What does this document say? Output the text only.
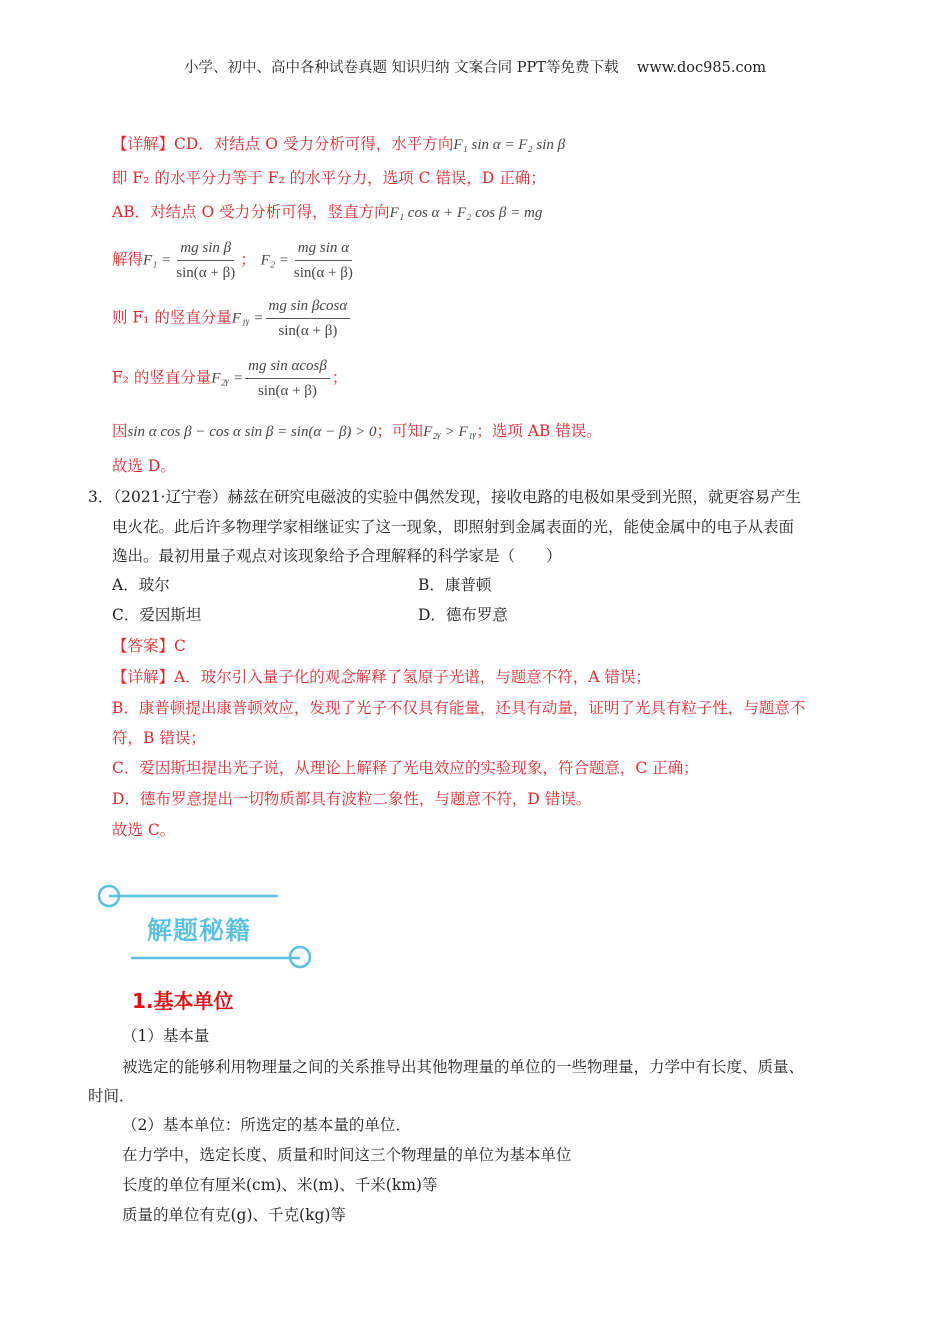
小学、初中、高中各种试卷真题 知识归纳 文案合同 PPT等免费下载 www.doc985.com
【详解】CD．对结点 O 受力分析可得，水平方向F₁ sin α = F₂ sin β
即 F₂ 的水平分力等于 F₂ 的水平分力，选项 C 错误，D 正确；
AB．对结点 O 受力分析可得，竖直方向F₁ cos α + F₂ cos β = mg
解得$F_1 = \frac{\text{mg sin β}}{\sin(\alpha + \beta)}$ ； $F_2 = \frac{\text{mg sin α}}{\sin(\alpha + \beta)}$
则 F₁ 的竖直分量F₁ᵧ = $\frac{\text{mg sin βcosα}}{\sin(\alpha + \beta)}$
F₂ 的竖直分量F₂ᵧ = $\frac{\text{mg sin αcosβ}}{\sin(\alpha + \beta)}$ ；
因sin α cos β − cos α sin β = sin(α − β) > 0；可知F₂ᵧ > F₁ᵧ；选项 AB 错误。
故选 D。
3．（2021·辽宁卷）赫兹在研究电磁波的实验中偶然发现，接收电路的电极如果受到光照，就更容易产生
电火花。此后许多物理学家相继证实了这一现象，即照射到金属表面的光，能使金属中的电子从表面
逸出。最初用量子观点对该现象给予合理解释的科学家是（　　）
A．玻尔	B．康普顿
C．爱因斯坦	D．德布罗意
【答案】C
【详解】A．玻尔引入量子化的观念解释了氢原子光谱，与题意不符，A 错误；
B．康普顿提出康普顿效应，发现了光子不仅具有能量，还具有动量，证明了光具有粒子性，与题意不
符，B 错误；
C．爱因斯坦提出光子说，从理论上解释了光电效应的实验现象，符合题意，C 正确；
D．德布罗意提出一切物质都具有波粒二象性，与题意不符，D 错误。
故选 C。
解题秘籍
1.基本单位
（1）基本量
被选定的能够利用物理量之间的关系推导出其他物理量的单位的一些物理量，力学中有长度、质量、
时间．
（2）基本单位：所选定的基本量的单位．
在力学中，选定长度、质量和时间这三个物理量的单位为基本单位
长度的单位有厘米(cm)、米(m)、千米(km)等
质量的单位有克(g)、千克(kg)等
